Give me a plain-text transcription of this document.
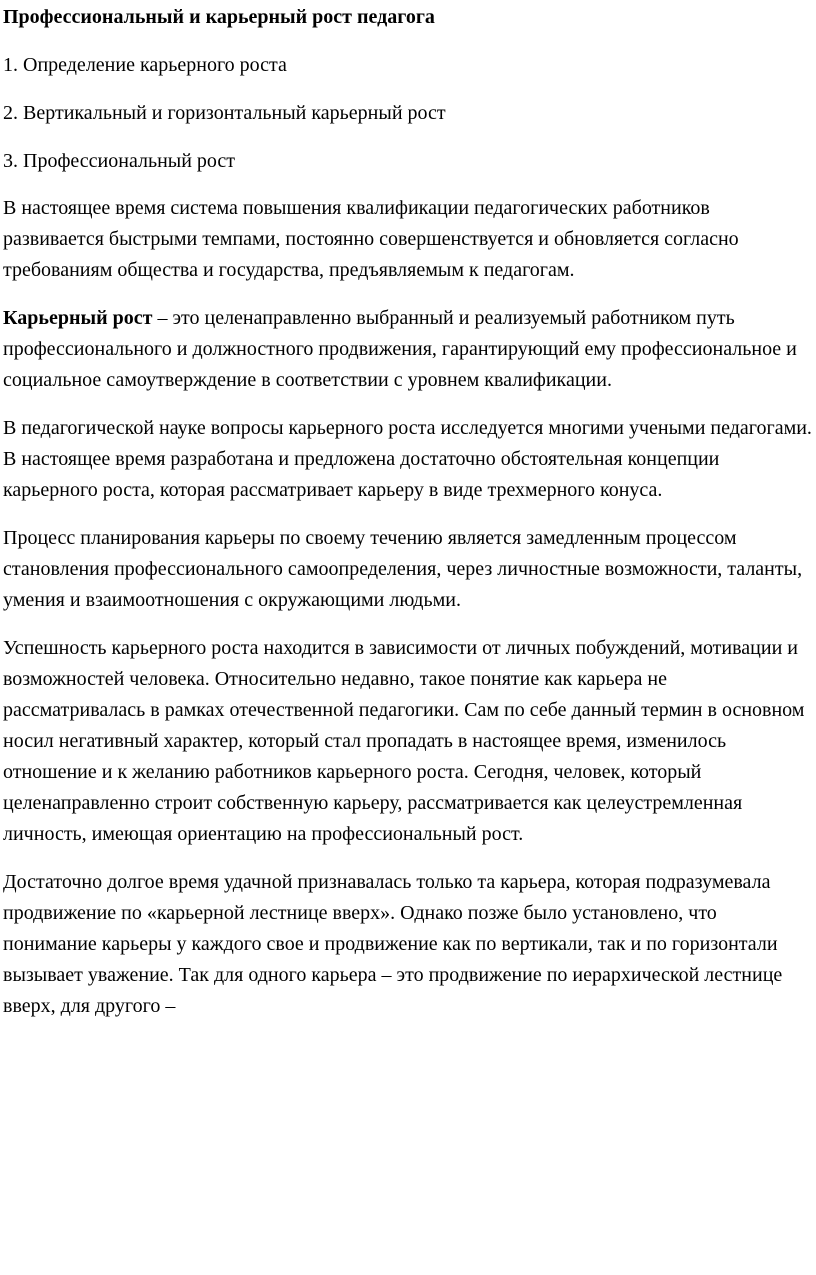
Профессиональный и карьерный рост педагога

1. Определение карьерного роста

2. Вертикальный и горизонтальный карьерный рост

3. Профессиональный рост

В настоящее время система повышения квалификации педагогических работников развивается быстрыми темпами, постоянно совершенствуется и обновляется согласно требованиям общества и государства, предъявляемым к педагогам.

Карьерный рост – это целенаправленно выбранный и реализуемый работником путь профессионального и должностного продвижения, гарантирующий ему профессиональное и социальное самоутверждение в соответствии с уровнем квалификации.

В педагогической науке вопросы карьерного роста исследуется многими учеными педагогами. В настоящее время разработана и предложена достаточно обстоятельная концепции карьерного роста, которая рассматривает карьеру в виде трехмерного конуса.

Процесс планирования карьеры по своему течению является замедленным процессом становления профессионального самоопределения, через личностные возможности, таланты, умения и взаимоотношения с окружающими людьми.

Успешность карьерного роста находится в зависимости от личных побуждений, мотивации и возможностей человека. Относительно недавно, такое понятие как карьера не рассматривалась в рамках отечественной педагогики. Сам по себе данный термин в основном носил негативный характер, который стал пропадать в настоящее время, изменилось отношение и к желанию работников карьерного роста. Сегодня, человек, который целенаправленно строит собственную карьеру, рассматривается как целеустремленная личность, имеющая ориентацию на профессиональный рост.

Достаточно долгое время удачной признавалась только та карьера, которая подразумевала продвижение по «карьерной лестнице вверх». Однако позже было установлено, что понимание карьеры у каждого свое и продвижение как по вертикали, так и по горизонтали вызывает уважение. Так для одного карьера – это продвижение по иерархической лестнице вверх, для другого –
